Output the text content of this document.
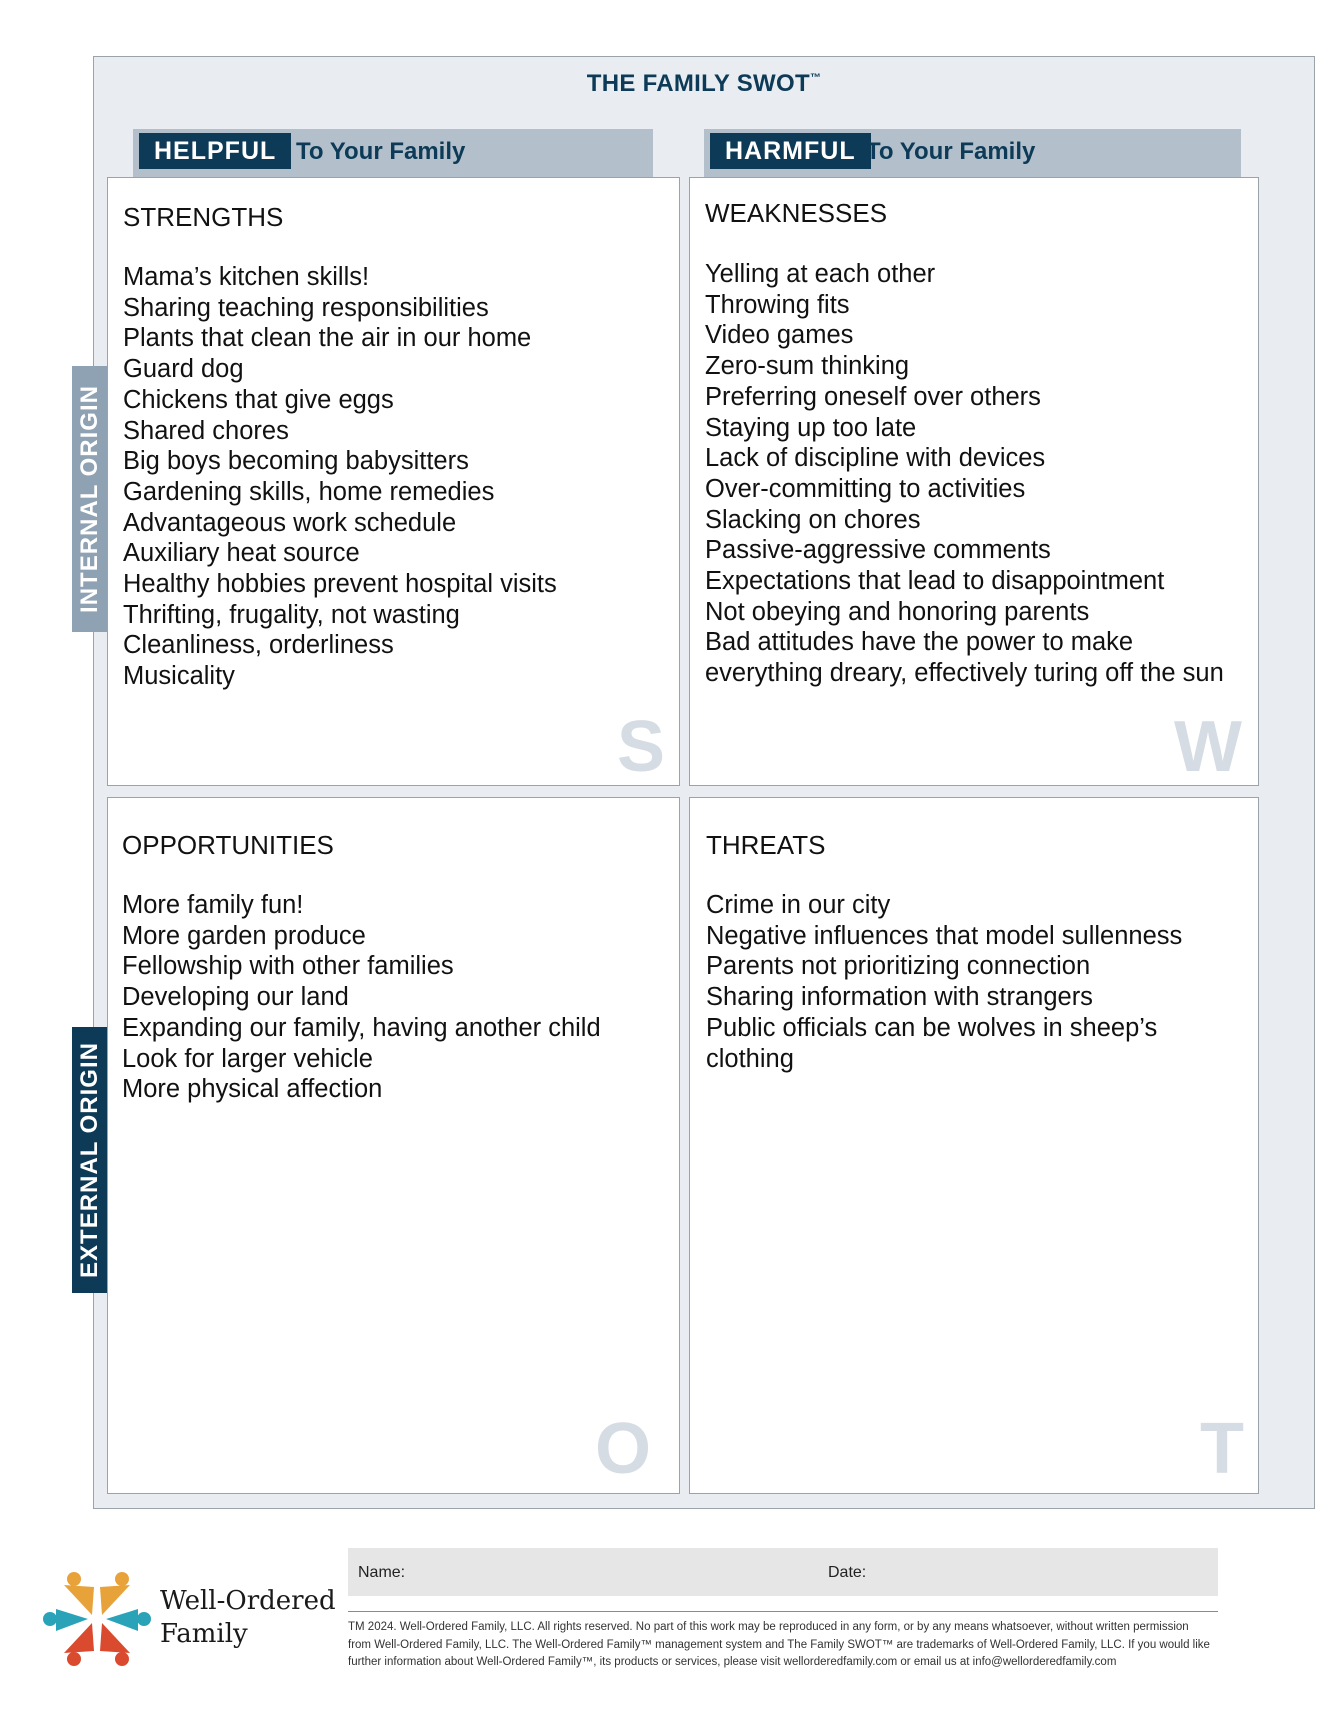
THE FAMILY SWOT™
HELPFUL To Your Family	HARMFUL To Your Family
INTERNAL ORIGIN
EXTERNAL ORIGIN
STRENGTHS
Mama’s kitchen skills!
Sharing teaching responsibilities
Plants that clean the air in our home
Guard dog
Chickens that give eggs
Shared chores
Big boys becoming babysitters
Gardening skills, home remedies
Advantageous work schedule
Auxiliary heat source
Healthy hobbies prevent hospital visits
Thrifting, frugality, not wasting
Cleanliness, orderliness
Musicality
S
WEAKNESSES
Yelling at each other
Throwing fits
Video games
Zero-sum thinking
Preferring oneself over others
Staying up too late
Lack of discipline with devices
Over-committing to activities
Slacking on chores
Passive-aggressive comments
Expectations that lead to disappointment
Not obeying and honoring parents
Bad attitudes have the power to make
everything dreary, effectively turing off the sun
W
OPPORTUNITIES
More family fun!
More garden produce
Fellowship with other families
Developing our land
Expanding our family, having another child
Look for larger vehicle
More physical affection
O
THREATS
Crime in our city
Negative influences that model sullenness
Parents not prioritizing connection
Sharing information with strangers
Public officials can be wolves in sheep’s
clothing
T
Well-Ordered
Family
Name:	Date:
TM 2024. Well-Ordered Family, LLC. All rights reserved. No part of this work may be reproduced in any form, or by any means whatsoever, without written permission
from Well-Ordered Family, LLC. The Well-Ordered Family™ management system and The Family SWOT™ are trademarks of Well-Ordered Family, LLC. If you would like
further information about Well-Ordered Family™, its products or services, please visit wellorderedfamily.com or email us at info@wellorderedfamily.com
